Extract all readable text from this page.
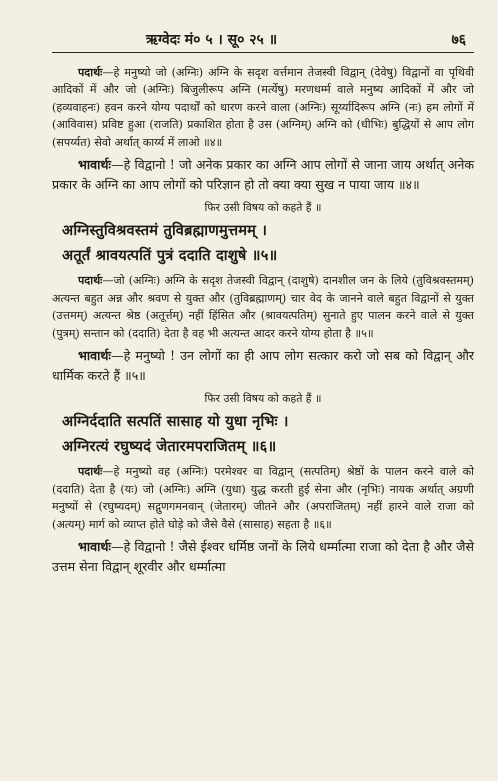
ऋग्वेदः मं० ५ । सू० २५ ॥	७६

पदार्थः—हे मनुष्यो जो (अग्निः) अग्नि के सदृश वर्त्तमान तेजस्वी विद्वान् (देवेषु) विद्वानों वा पृथिवी आदिकों में और जो (अग्निः) बिजुलीरूप अग्नि (मर्त्येषु) मरणधर्म्म वाले मनुष्य आदिकों में और जो (हव्यवाहनः) हवन करने योग्य पदार्थों को धारण करने वाला (अग्निः) सूर्य्यादिरूप अग्नि (नः) हम लोगों में (आविवास) प्रविष्ट हुआ (राजति) प्रकाशित होता है उस (अग्निम्) अग्नि को (धीभिः) बुद्धियों से आप लोग (सपर्य्यत) सेवो अर्थात् कार्य्य में लाओ ॥४॥

भावार्थः—हे विद्वानो ! जो अनेक प्रकार का अग्नि आप लोगों से जाना जाय अर्थात् अनेक प्रकार के अग्नि का आप लोगों को परिज्ञान हो तो क्या क्या सुख न पाया जाय ॥४॥

फिर उसी विषय को कहते हैं ॥

अग्निस्तुविश्रवस्तमं तुविब्रह्माणमुत्तमम् ।

अतूर्तं श्रावयत्पतिं पुत्रं ददाति दाशुषे ॥५॥

पदार्थः—जो (अग्निः) अग्नि के सदृश तेजस्वी विद्वान् (दाशुषे) दानशील जन के लिये (तुविश्रवस्तमम्) अत्यन्त बहुत अन्न और श्रवण से युक्त और (तुविब्रह्माणम्) चार वेद के जानने वाले बहुत विद्वानों से युक्त (उत्तमम्) अत्यन्त श्रेष्ठ (अतूर्त्तम्) नहीं हिंसित और (श्रावयत्पतिम्) सुनाते हुए पालन करने वाले से युक्त (पुत्रम्) सन्तान को (ददाति) देता है वह भी अत्यन्त आदर करने योग्य होता है ॥५॥

भावार्थः—हे मनुष्यो ! उन लोगों का ही आप लोग सत्कार करो जो सब को विद्वान् और धार्मिक करते हैं ॥५॥

फिर उसी विषय को कहते हैं ॥

अग्निर्ददाति सत्पतिं सासाह यो युधा नृभिः ।

अग्निरत्यं रघुष्यदं जेतारमपराजितम् ॥६॥

पदार्थः—हे मनुष्यो वह (अग्निः) परमेश्वर वा विद्वान् (सत्पतिम्) श्रेष्ठों के पालन करने वाले को (ददाति) देता है (यः) जो (अग्निः) अग्नि (युधा) युद्ध करती हुई सेना और (नृभिः) नायक अर्थात् अग्रणी मनुष्यों से (रघुष्यदम्) सद्गुणगमनवान् (जेतारम्) जीतने और (अपराजितम्) नहीं हारने वाले राजा को (अत्यम्) मार्ग को व्याप्त होते घोड़े को जैसे वैसे (सासाह) सहता है ॥६॥

भावार्थः—हे विद्वानो ! जैसे ईश्वर धर्मिष्ठ जनों के लिये धर्म्मात्मा राजा को देता है और जैसे उत्तम सेना विद्वान् शूरवीर और धर्म्मात्मा
